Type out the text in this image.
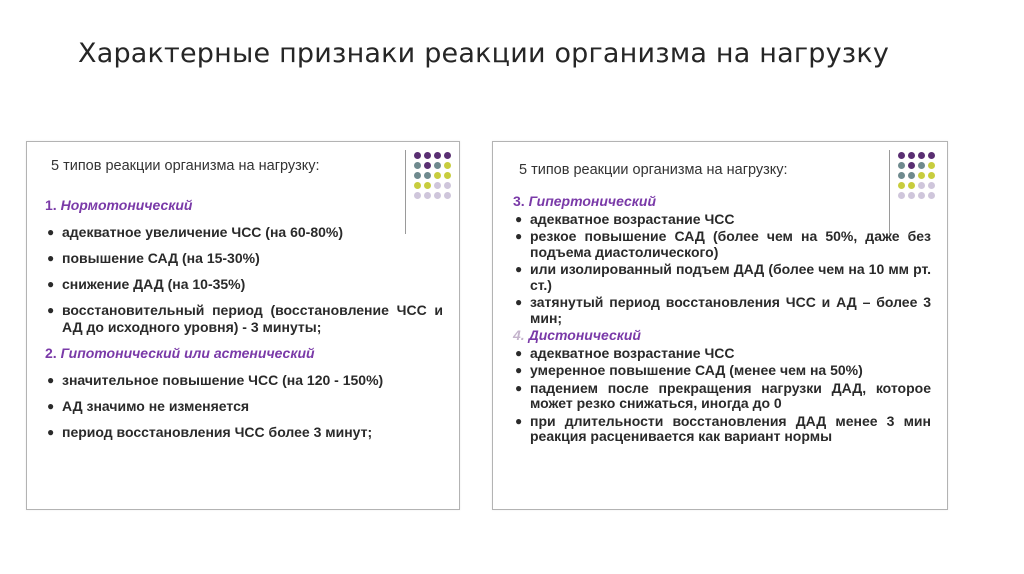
Характерные признаки реакции организма на нагрузку
5 типов реакции организма на нагрузку:
1. Нормотонический
● адекватное увеличение ЧСС (на 60-80%)
● повышение САД (на 15-30%)
● снижение ДАД (на 10-35%)
● восстановительный период (восстановление ЧСС и АД до исходного уровня) - 3 минуты;
2. Гипотонический или астенический
● значительное повышение ЧСС (на 120 - 150%)
● АД значимо не изменяется
● период восстановления ЧСС более 3 минут;
5 типов реакции организма на нагрузку:
3. Гипертонический
● адекватное возрастание ЧСС
● резкое повышение САД (более чем на 50%, даже без подъема диастолического)
● или изолированный подъем ДАД (более чем на 10 мм рт. ст.)
● затянутый период восстановления ЧСС и АД – более 3 мин;
4. Дистонический
● адекватное возрастание ЧСС
● умеренное повышение САД (менее чем на 50%)
● падением после прекращения нагрузки ДАД, которое может резко снижаться, иногда до 0
● при длительности восстановления ДАД менее 3 мин реакция расценивается как вариант нормы
